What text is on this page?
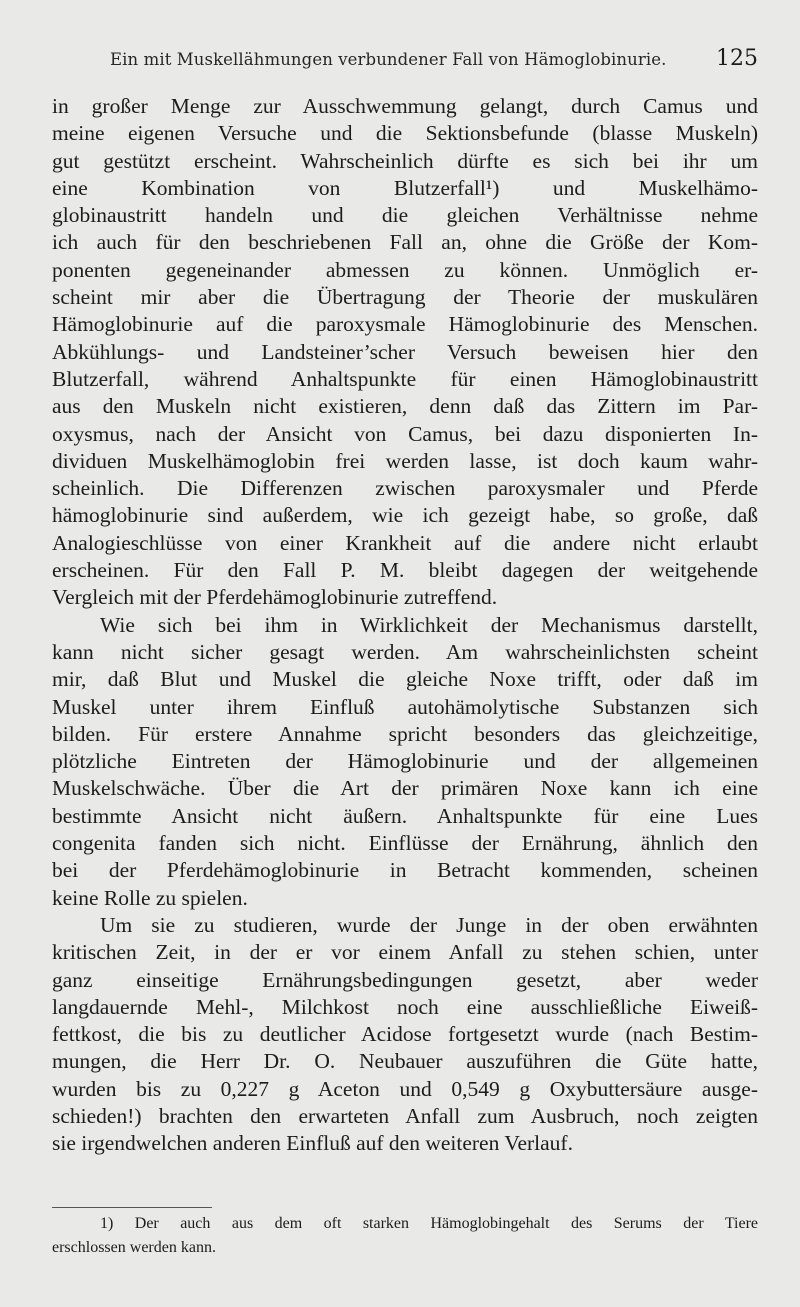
Ein mit Muskellähmungen verbundener Fall von Hämoglobinurie. 125
in großer Menge zur Ausschwemmung gelangt, durch Camus und
meine eigenen Versuche und die Sektionsbefunde (blasse Muskeln)
gut gestützt erscheint. Wahrscheinlich dürfte es sich bei ihr um
eine Kombination von Blutzerfall¹) und Muskelhämo-
globinaustritt handeln und die gleichen Verhältnisse nehme
ich auch für den beschriebenen Fall an, ohne die Größe der Kom-
ponenten gegeneinander abmessen zu können. Unmöglich er-
scheint mir aber die Übertragung der Theorie der muskulären
Hämoglobinurie auf die paroxysmale Hämoglobinurie des Menschen.
Abkühlungs- und Landsteiner’scher Versuch beweisen hier den
Blutzerfall, während Anhaltspunkte für einen Hämoglobinaustritt
aus den Muskeln nicht existieren, denn daß das Zittern im Par-
oxysmus, nach der Ansicht von Camus, bei dazu disponierten In-
dividuen Muskelhämoglobin frei werden lasse, ist doch kaum wahr-
scheinlich. Die Differenzen zwischen paroxysmaler und Pferde
hämoglobinurie sind außerdem, wie ich gezeigt habe, so große, daß
Analogieschlüsse von einer Krankheit auf die andere nicht erlaubt
erscheinen. Für den Fall P. M. bleibt dagegen der weitgehende
Vergleich mit der Pferdehämoglobinurie zutreffend.
Wie sich bei ihm in Wirklichkeit der Mechanismus darstellt,
kann nicht sicher gesagt werden. Am wahrscheinlichsten scheint
mir, daß Blut und Muskel die gleiche Noxe trifft, oder daß im
Muskel unter ihrem Einfluß autohämolytische Substanzen sich
bilden. Für erstere Annahme spricht besonders das gleichzeitige,
plötzliche Eintreten der Hämoglobinurie und der allgemeinen
Muskelschwäche. Über die Art der primären Noxe kann ich eine
bestimmte Ansicht nicht äußern. Anhaltspunkte für eine Lues
congenita fanden sich nicht. Einflüsse der Ernährung, ähnlich den
bei der Pferdehämoglobinurie in Betracht kommenden, scheinen
keine Rolle zu spielen.
Um sie zu studieren, wurde der Junge in der oben erwähnten
kritischen Zeit, in der er vor einem Anfall zu stehen schien, unter
ganz einseitige Ernährungsbedingungen gesetzt, aber weder
langdauernde Mehl-, Milchkost noch eine ausschließliche Eiweiß-
fettkost, die bis zu deutlicher Acidose fortgesetzt wurde (nach Bestim-
mungen, die Herr Dr. O. Neubauer auszuführen die Güte hatte,
wurden bis zu 0,227 g Aceton und 0,549 g Oxybuttersäure ausge-
schieden!) brachten den erwarteten Anfall zum Ausbruch, noch zeigten
sie irgendwelchen anderen Einfluß auf den weiteren Verlauf.
1) Der auch aus dem oft starken Hämoglobingehalt des Serums der Tiere
erschlossen werden kann.
